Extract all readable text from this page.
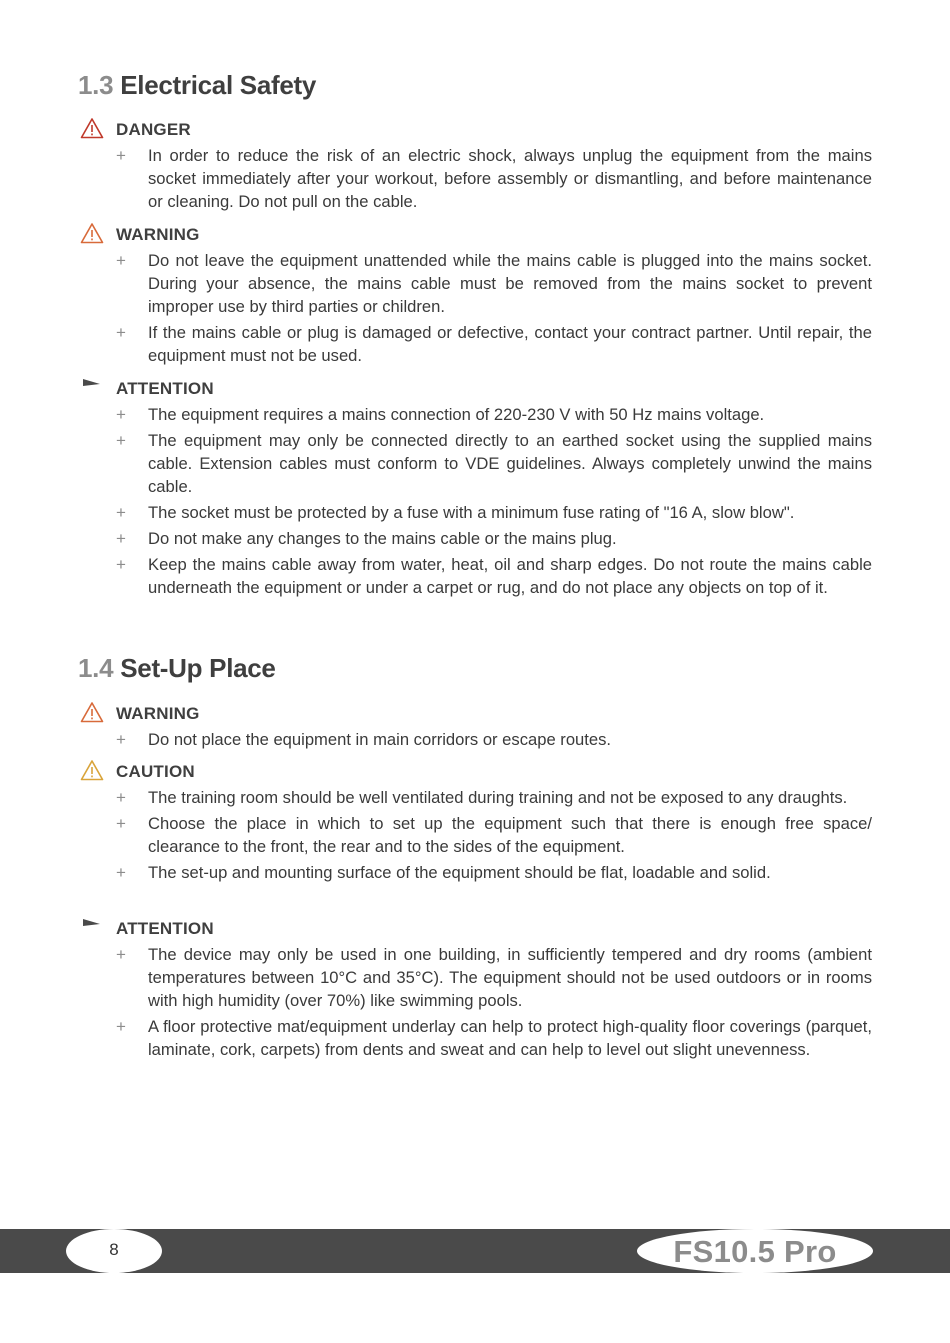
1.3 Electrical Safety
DANGER
+ In order to reduce the risk of an electric shock, always unplug the equipment from the mains socket immediately after your workout, before assembly or dismantling, and before maintenance or cleaning. Do not pull on the cable.
WARNING
+ Do not leave the equipment unattended while the mains cable is plugged into the mains socket. During your absence, the mains cable must be removed from the mains socket to prevent improper use by third parties or children.
+ If the mains cable or plug is damaged or defective, contact your contract partner. Until repair, the equipment must not be used.
ATTENTION
+ The equipment requires a mains connection of 220-230 V with 50 Hz mains voltage.
+ The equipment may only be connected directly to an earthed socket using the supplied mains cable. Extension cables must conform to VDE guidelines. Always completely unwind the mains cable.
+ The socket must be protected by a fuse with a minimum fuse rating of "16 A, slow blow".
+ Do not make any changes to the mains cable or the mains plug.
+ Keep the mains cable away from water, heat, oil and sharp edges. Do not route the mains cable underneath the equipment or under a carpet or rug, and do not place any objects on top of it.
1.4 Set-Up Place
WARNING
+ Do not place the equipment in main corridors or escape routes.
CAUTION
+ The training room should be well ventilated during training and not be exposed to any draughts.
+ Choose the place in which to set up the equipment such that there is enough free space/ clearance to the front, the rear and to the sides of the equipment.
+ The set-up and mounting surface of the equipment should be flat, loadable and solid.
ATTENTION
+ The device may only be used in one building, in sufficiently tempered and dry rooms (ambient temperatures between 10°C and 35°C). The equipment should not be used outdoors or in rooms with high humidity (over 70%) like swimming pools.
+ A floor protective mat/equipment underlay can help to protect high-quality floor coverings (parquet, laminate, cork, carpets) from dents and sweat and can help to level out slight unevenness.
8	FS10.5 Pro
